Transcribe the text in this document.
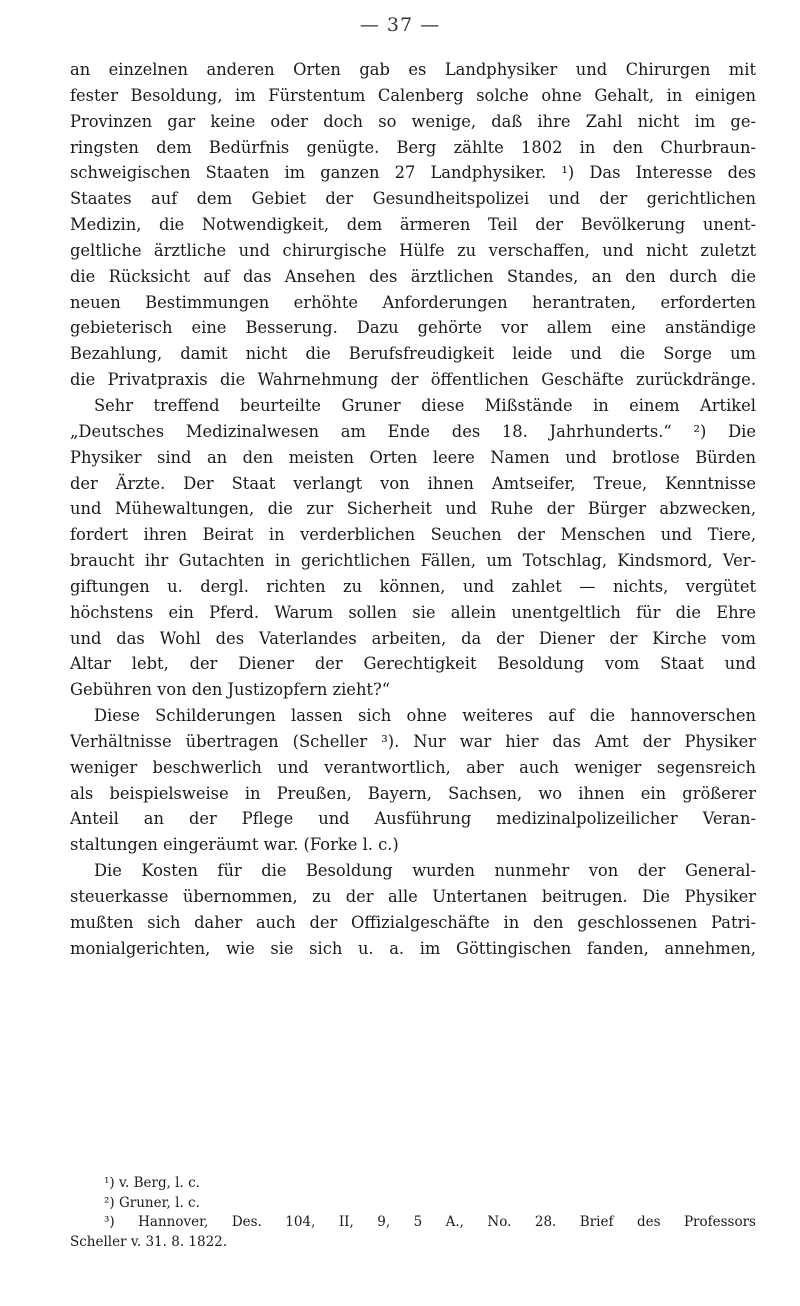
— 37 —
an einzelnen anderen Orten gab es Landphysiker und Chirurgen mit
fester Besoldung, im Fürstentum Calenberg solche ohne Gehalt, in einigen
Provinzen gar keine oder doch so wenige, daß ihre Zahl nicht im ge-
ringsten dem Bedürfnis genügte. Berg zählte 1802 in den Churbraun-
schweigischen Staaten im ganzen 27 Landphysiker. ¹) Das Interesse des
Staates auf dem Gebiet der Gesundheitspolizei und der gerichtlichen
Medizin, die Notwendigkeit, dem ärmeren Teil der Bevölkerung unent-
geltliche ärztliche und chirurgische Hülfe zu verschaffen, und nicht zuletzt
die Rücksicht auf das Ansehen des ärztlichen Standes, an den durch die
neuen Bestimmungen erhöhte Anforderungen herantraten, erforderten
gebieterisch eine Besserung. Dazu gehörte vor allem eine anständige
Bezahlung, damit nicht die Berufsfreudigkeit leide und die Sorge um
die Privatpraxis die Wahrnehmung der öffentlichen Geschäfte zurückdränge.
Sehr treffend beurteilte Gruner diese Mißstände in einem Artikel
„Deutsches Medizinalwesen am Ende des 18. Jahrhunderts.“ ²) Die
Physiker sind an den meisten Orten leere Namen und brotlose Bürden
der Ärzte. Der Staat verlangt von ihnen Amtseifer, Treue, Kenntnisse
und Mühewaltungen, die zur Sicherheit und Ruhe der Bürger abzwecken,
fordert ihren Beirat in verderblichen Seuchen der Menschen und Tiere,
braucht ihr Gutachten in gerichtlichen Fällen, um Totschlag, Kindsmord, Ver-
giftungen u. dergl. richten zu können, und zahlet — nichts, vergütet
höchstens ein Pferd. Warum sollen sie allein unentgeltlich für die Ehre
und das Wohl des Vaterlandes arbeiten, da der Diener der Kirche vom
Altar lebt, der Diener der Gerechtigkeit Besoldung vom Staat und
Gebühren von den Justizopfern zieht?“
Diese Schilderungen lassen sich ohne weiteres auf die hannoverschen
Verhältnisse übertragen (Scheller ³). Nur war hier das Amt der Physiker
weniger beschwerlich und verantwortlich, aber auch weniger segensreich
als beispielsweise in Preußen, Bayern, Sachsen, wo ihnen ein größerer
Anteil an der Pflege und Ausführung medizinalpolizeilicher Veran-
staltungen eingeräumt war. (Forke l. c.)
Die Kosten für die Besoldung wurden nunmehr von der General-
steuerkasse übernommen, zu der alle Untertanen beitrugen. Die Physiker
mußten sich daher auch der Offizialgeschäfte in den geschlossenen Patri-
monialgerichten, wie sie sich u. a. im Göttingischen fanden, annehmen,
¹) v. Berg, l. c.
²) Gruner, l. c.
³) Hannover, Des. 104, II, 9, 5 A., No. 28. Brief des Professors
Scheller v. 31. 8. 1822.
